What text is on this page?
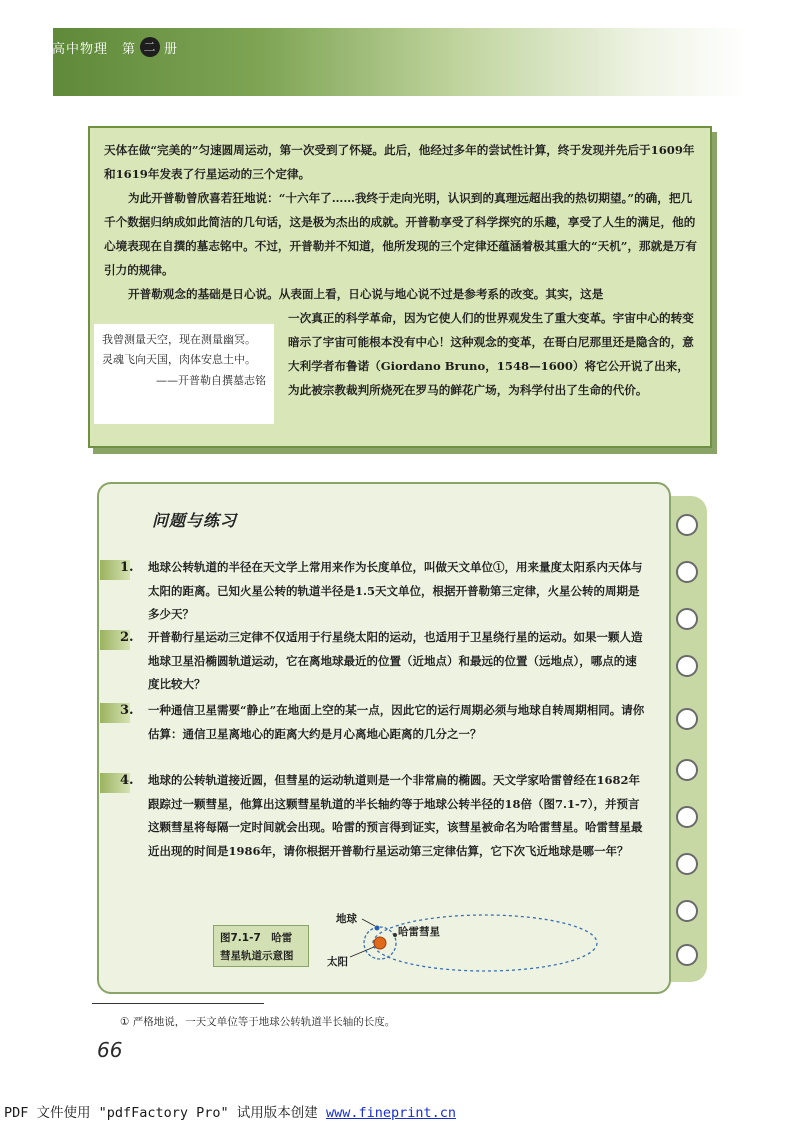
高中物理　第 二 册

天体在做“完美的”匀速圆周运动，第一次受到了怀疑。此后，他经过多年的尝试性计算，终于发现并先后于1609年和1619年发表了行星运动的三个定律。

为此开普勒曾欣喜若狂地说：“十六年了……我终于走向光明，认识到的真理远超出我的热切期望。”的确，把几千个数据归纳成如此简洁的几句话，这是极为杰出的成就。开普勒享受了科学探究的乐趣，享受了人生的满足，他的心境表现在自撰的墓志铭中。不过，开普勒并不知道，他所发现的三个定律还蕴涵着极其重大的“天机”，那就是万有引力的规律。

开普勒观念的基础是日心说。从表面上看，日心说与地心说不过是参考系的改变。其实，这是

一次真正的科学革命，因为它使人们的世界观发生了重大变革。宇宙中心的转变暗示了宇宙可能根本没有中心！这种观念的变革，在哥白尼那里还是隐含的，意大利学者布鲁诺（Giordano Bruno，1548—1600）将它公开说了出来，为此被宗教裁判所烧死在罗马的鲜花广场，为科学付出了生命的代价。

我曾测量天空，现在测量幽冥。灵魂飞向天国，肉体安息土中。
——开普勒自撰墓志铭
问题与练习
1. 地球公转轨道的半径在天文学上常用来作为长度单位，叫做天文单位①，用来量度太阳系内天体与太阳的距离。已知火星公转的轨道半径是1.5天文单位，根据开普勒第三定律，火星公转的周期是多少天？

2. 开普勒行星运动三定律不仅适用于行星绕太阳的运动，也适用于卫星绕行星的运动。如果一颗人造地球卫星沿椭圆轨道运动，它在离地球最近的位置（近地点）和最远的位置（远地点），哪点的速度比较大？

3. 一种通信卫星需要“静止”在地面上空的某一点，因此它的运行周期必须与地球自转周期相同。请你估算：通信卫星离地心的距离大约是月心离地心距离的几分之一？

4. 地球的公转轨道接近圆，但彗星的运动轨道则是一个非常扁的椭圆。天文学家哈雷曾经在1682年跟踪过一颗彗星，他算出这颗彗星轨道的半长轴约等于地球公转半径的18倍（图7.1-7），并预言这颗彗星将每隔一定时间就会出现。哈雷的预言得到证实，该彗星被命名为哈雷彗星。哈雷彗星最近出现的时间是1986年，请你根据开普勒行星运动第三定律估算，它下次飞近地球是哪一年？

图7.1-7　哈雷彗星轨道示意图
地球
哈雷彗星
太阳
① 严格地说，一天文单位等于地球公转轨道半长轴的长度。
66
PDF 文件使用 "pdfFactory Pro" 试用版本创建 www.fineprint.cn
